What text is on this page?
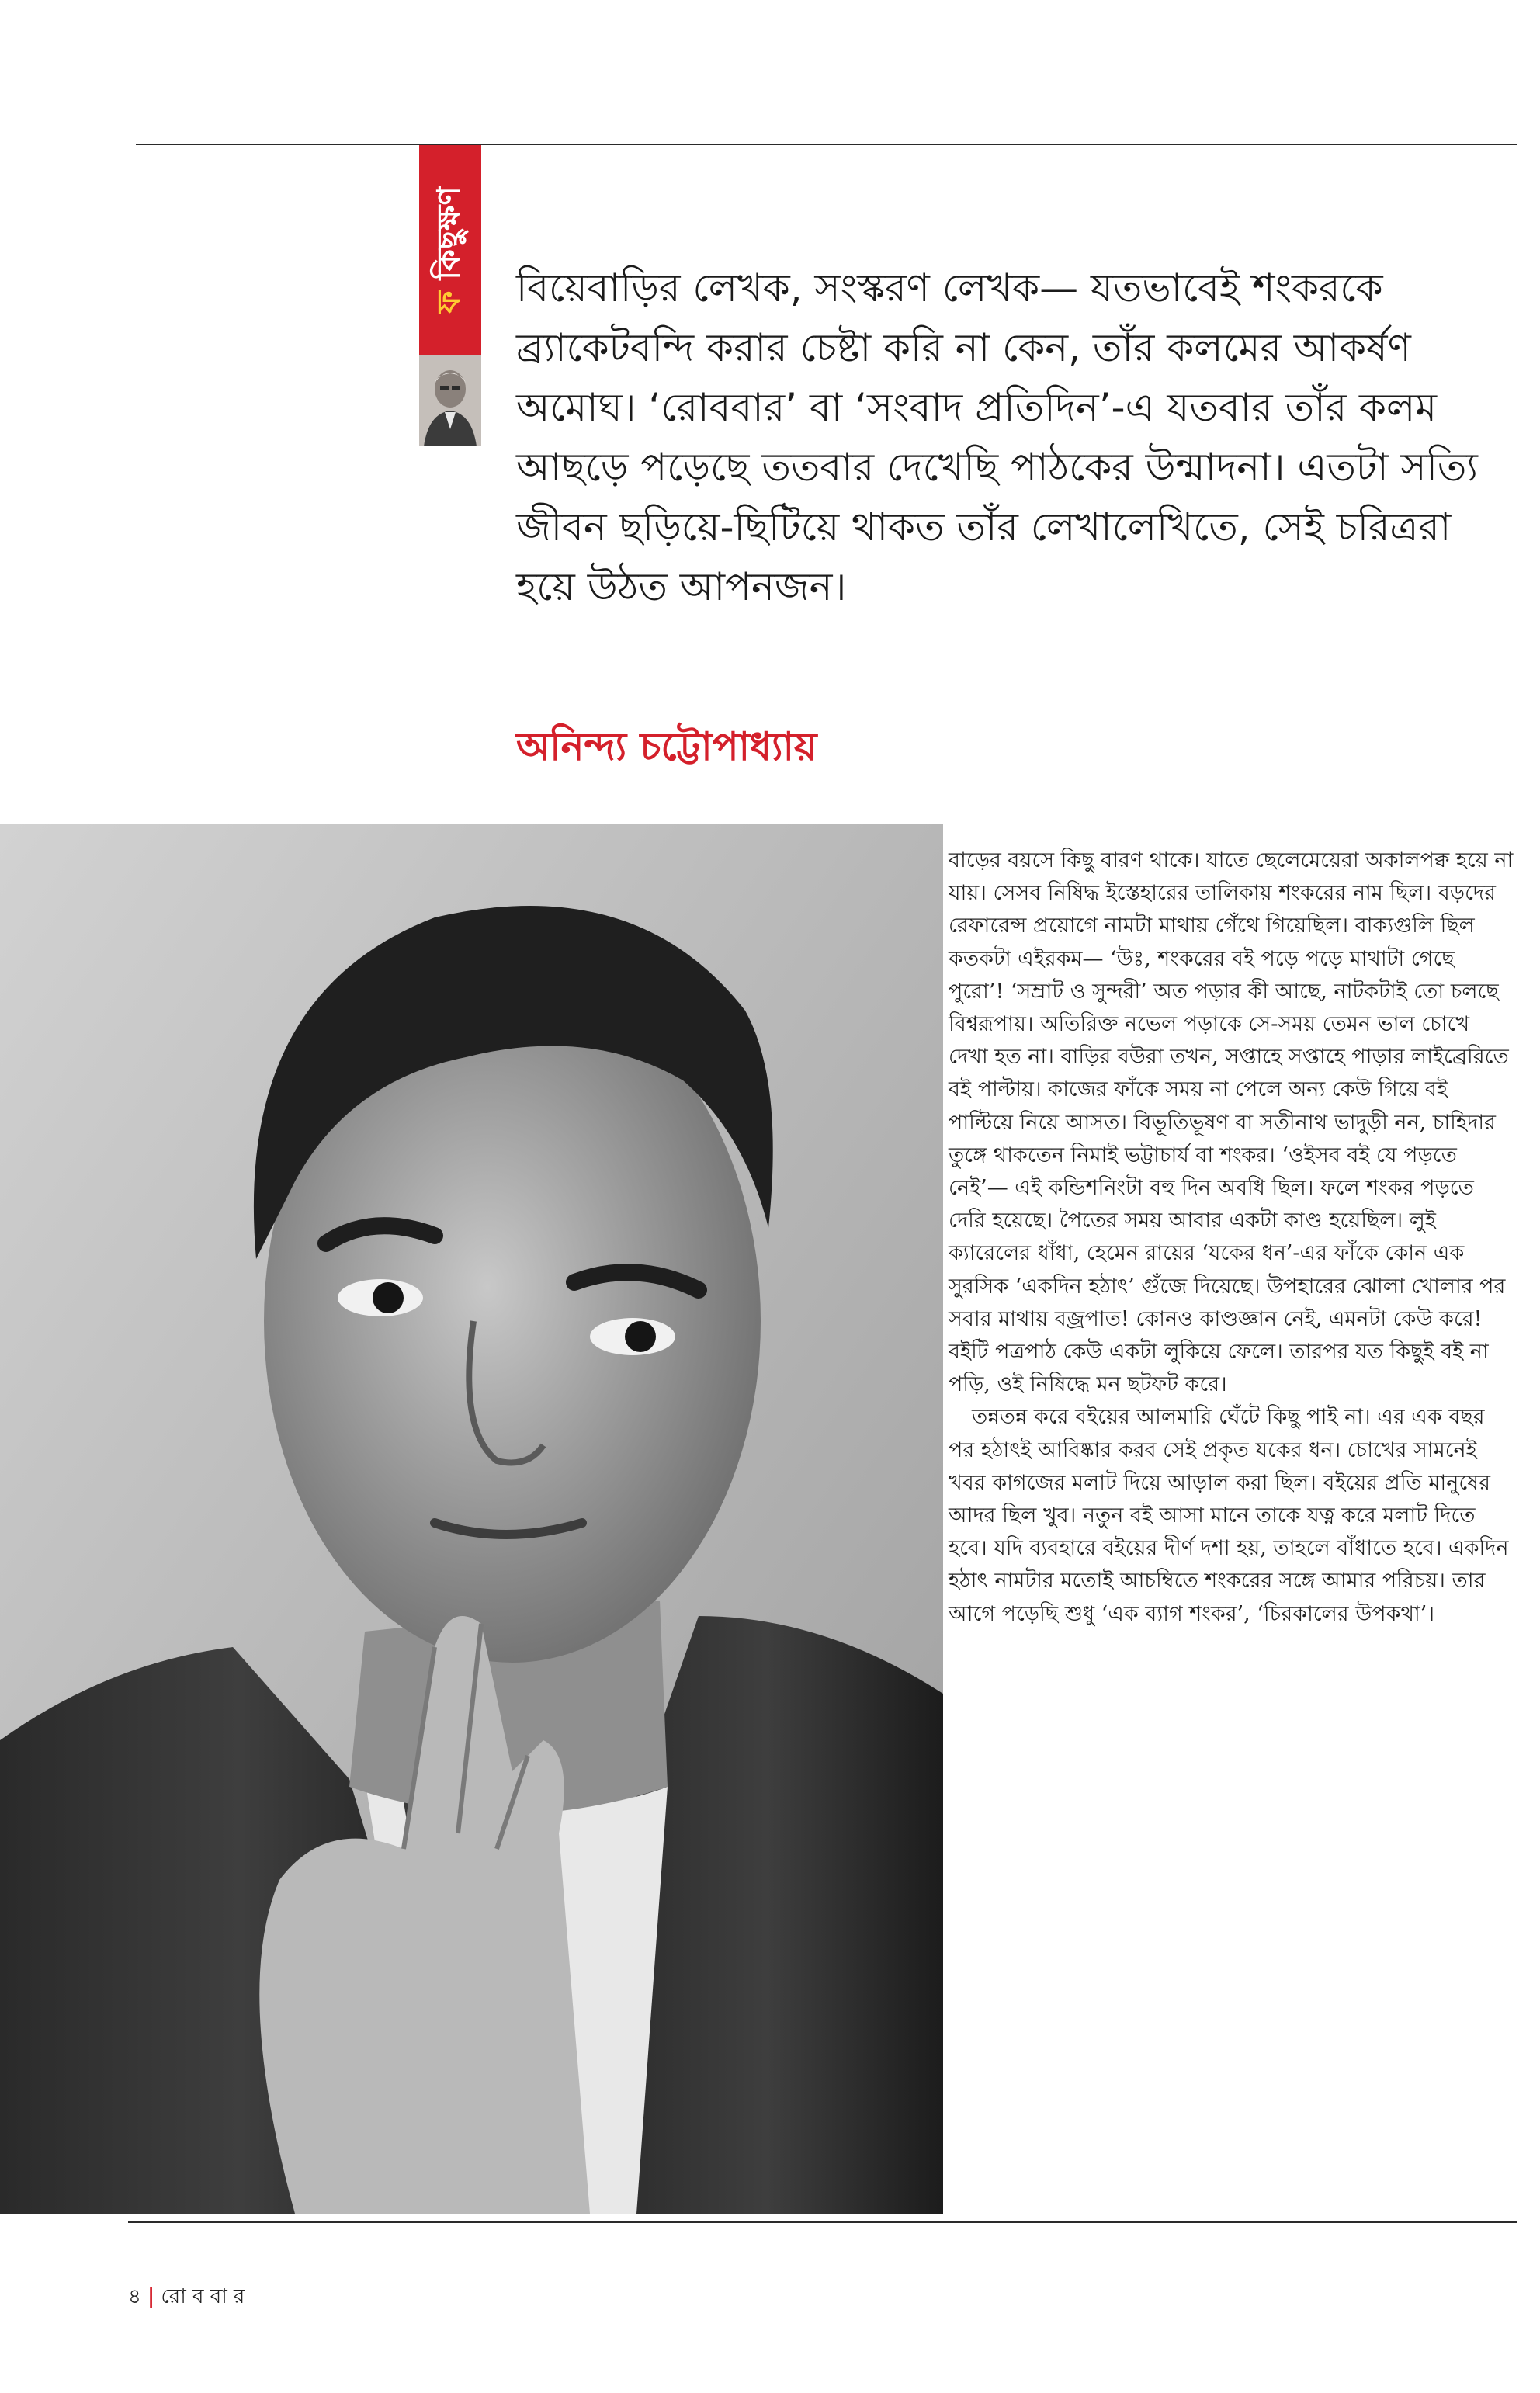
ফ কিছুক্ষণ

বিয়েবাড়ির লেখক, সংস্করণ লেখক— যতভাবেই শংকরকে ব্র্যাকেটবন্দি করার চেষ্টা করি না কেন, তাঁর কলমের আকর্ষণ অমোঘ। ‘রোববার’ বা ‘সংবাদ প্রতিদিন’-এ যতবার তাঁর কলম আছড়ে পড়েছে ততবার দেখেছি পাঠকের উন্মাদনা। এতটা সত্যি জীবন ছড়িয়ে-ছিটিয়ে থাকত তাঁর লেখালেখিতে, সেই চরিত্ররা হয়ে উঠত আপনজন।

অনিন্দ্য চট্টোপাধ্যায়

বাড়ের বয়সে কিছু বারণ থাকে। যাতে ছেলেমেয়েরা অকালপক্ব হয়ে না যায়। সেসব নিষিদ্ধ ইস্তেহারের তালিকায় শংকরের নাম ছিল। বড়দের রেফারেন্স প্রয়োগে নামটা মাথায় গেঁথে গিয়েছিল। বাক্যগুলি ছিল কতকটা এইরকম— ‘উঃ, শংকরের বই পড়ে পড়ে মাথাটা গেছে পুরো’! ‘সম্রাট ও সুন্দরী’ অত পড়ার কী আছে, নাটকটাই তো চলছে বিশ্বরূপায়। অতিরিক্ত নভেল পড়াকে সে-সময় তেমন ভাল চোখে দেখা হত না। বাড়ির বউরা তখন, সপ্তাহে সপ্তাহে পাড়ার লাইব্রেরিতে বই পাল্টায়। কাজের ফাঁকে সময় না পেলে অন্য কেউ গিয়ে বই পাল্টিয়ে নিয়ে আসত। বিভূতিভূষণ বা সতীনাথ ভাদুড়ী নন, চাহিদার তুঙ্গে থাকতেন নিমাই ভট্টাচার্য বা শংকর। ‘ওইসব বই যে পড়তে নেই’— এই কন্ডিশনিংটা বহু দিন অবধি ছিল। ফলে শংকর পড়তে দেরি হয়েছে। পৈতের সময় আবার একটা কাণ্ড হয়েছিল। লুই ক্যারেলের ধাঁধা, হেমেন রায়ের ‘যকের ধন’-এর ফাঁকে কোন এক সুরসিক ‘একদিন হঠাৎ’ গুঁজে দিয়েছে। উপহারের ঝোলা খোলার পর সবার মাথায় বজ্রপাত! কোনও কাণ্ডজ্ঞান নেই, এমনটা কেউ করে! বইটি পত্রপাঠ কেউ একটা লুকিয়ে ফেলে। তারপর যত কিছুই বই না পড়ি, ওই নিষিদ্ধে মন ছটফট করে।

তন্নতন্ন করে বইয়ের আলমারি ঘেঁটে কিছু পাই না। এর এক বছর পর হঠাৎই আবিষ্কার করব সেই প্রকৃত যকের ধন। চোখের সামনেই খবর কাগজের মলাট দিয়ে আড়াল করা ছিল। বইয়ের প্রতি মানুষের আদর ছিল খুব। নতুন বই আসা মানে তাকে যত্ন করে মলাট দিতে হবে। যদি ব্যবহারে বইয়ের দীর্ণ দশা হয়, তাহলে বাঁধাতে হবে। একদিন হঠাৎ নামটার মতোই আচম্বিতে শংকরের সঙ্গে আমার পরিচয়। তার আগে পড়েছি শুধু ‘এক ব্যাগ শংকর’, ‘চিরকালের উপকথা’।

৪ | রো ব বা র
